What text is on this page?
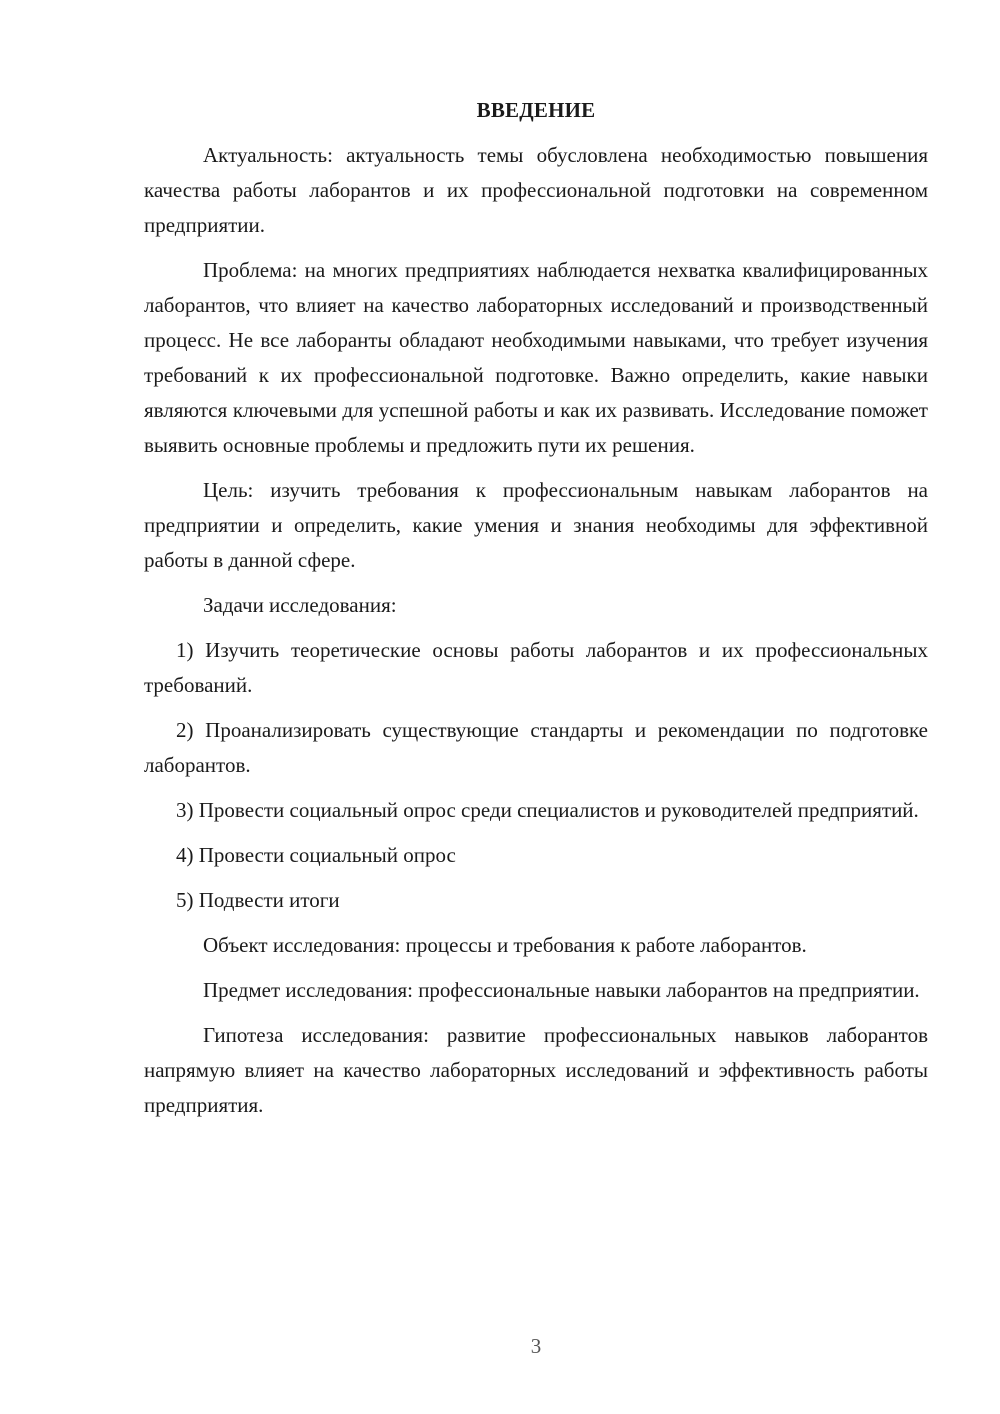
ВВЕДЕНИЕ

Актуальность: актуальность темы обусловлена необходимостью повышения качества работы лаборантов и их профессиональной подготовки на современном предприятии.

Проблема: на многих предприятиях наблюдается нехватка квалифицированных лаборантов, что влияет на качество лабораторных исследований и производственный процесс. Не все лаборанты обладают необходимыми навыками, что требует изучения требований к их профессиональной подготовке. Важно определить, какие навыки являются ключевыми для успешной работы и как их развивать. Исследование поможет выявить основные проблемы и предложить пути их решения.

Цель: изучить требования к профессиональным навыкам лаборантов на предприятии и определить, какие умения и знания необходимы для эффективной работы в данной сфере.

Задачи исследования:

1) Изучить теоретические основы работы лаборантов и их профессиональных требований.

2) Проанализировать существующие стандарты и рекомендации по подготовке лаборантов.

3) Провести социальный опрос среди специалистов и руководителей предприятий.

4) Провести социальный опрос

5) Подвести итоги

Объект исследования: процессы и требования к работе лаборантов.

Предмет исследования: профессиональные навыки лаборантов на предприятии.

Гипотеза исследования: развитие профессиональных навыков лаборантов напрямую влияет на качество лабораторных исследований и эффективность работы предприятия.

3
